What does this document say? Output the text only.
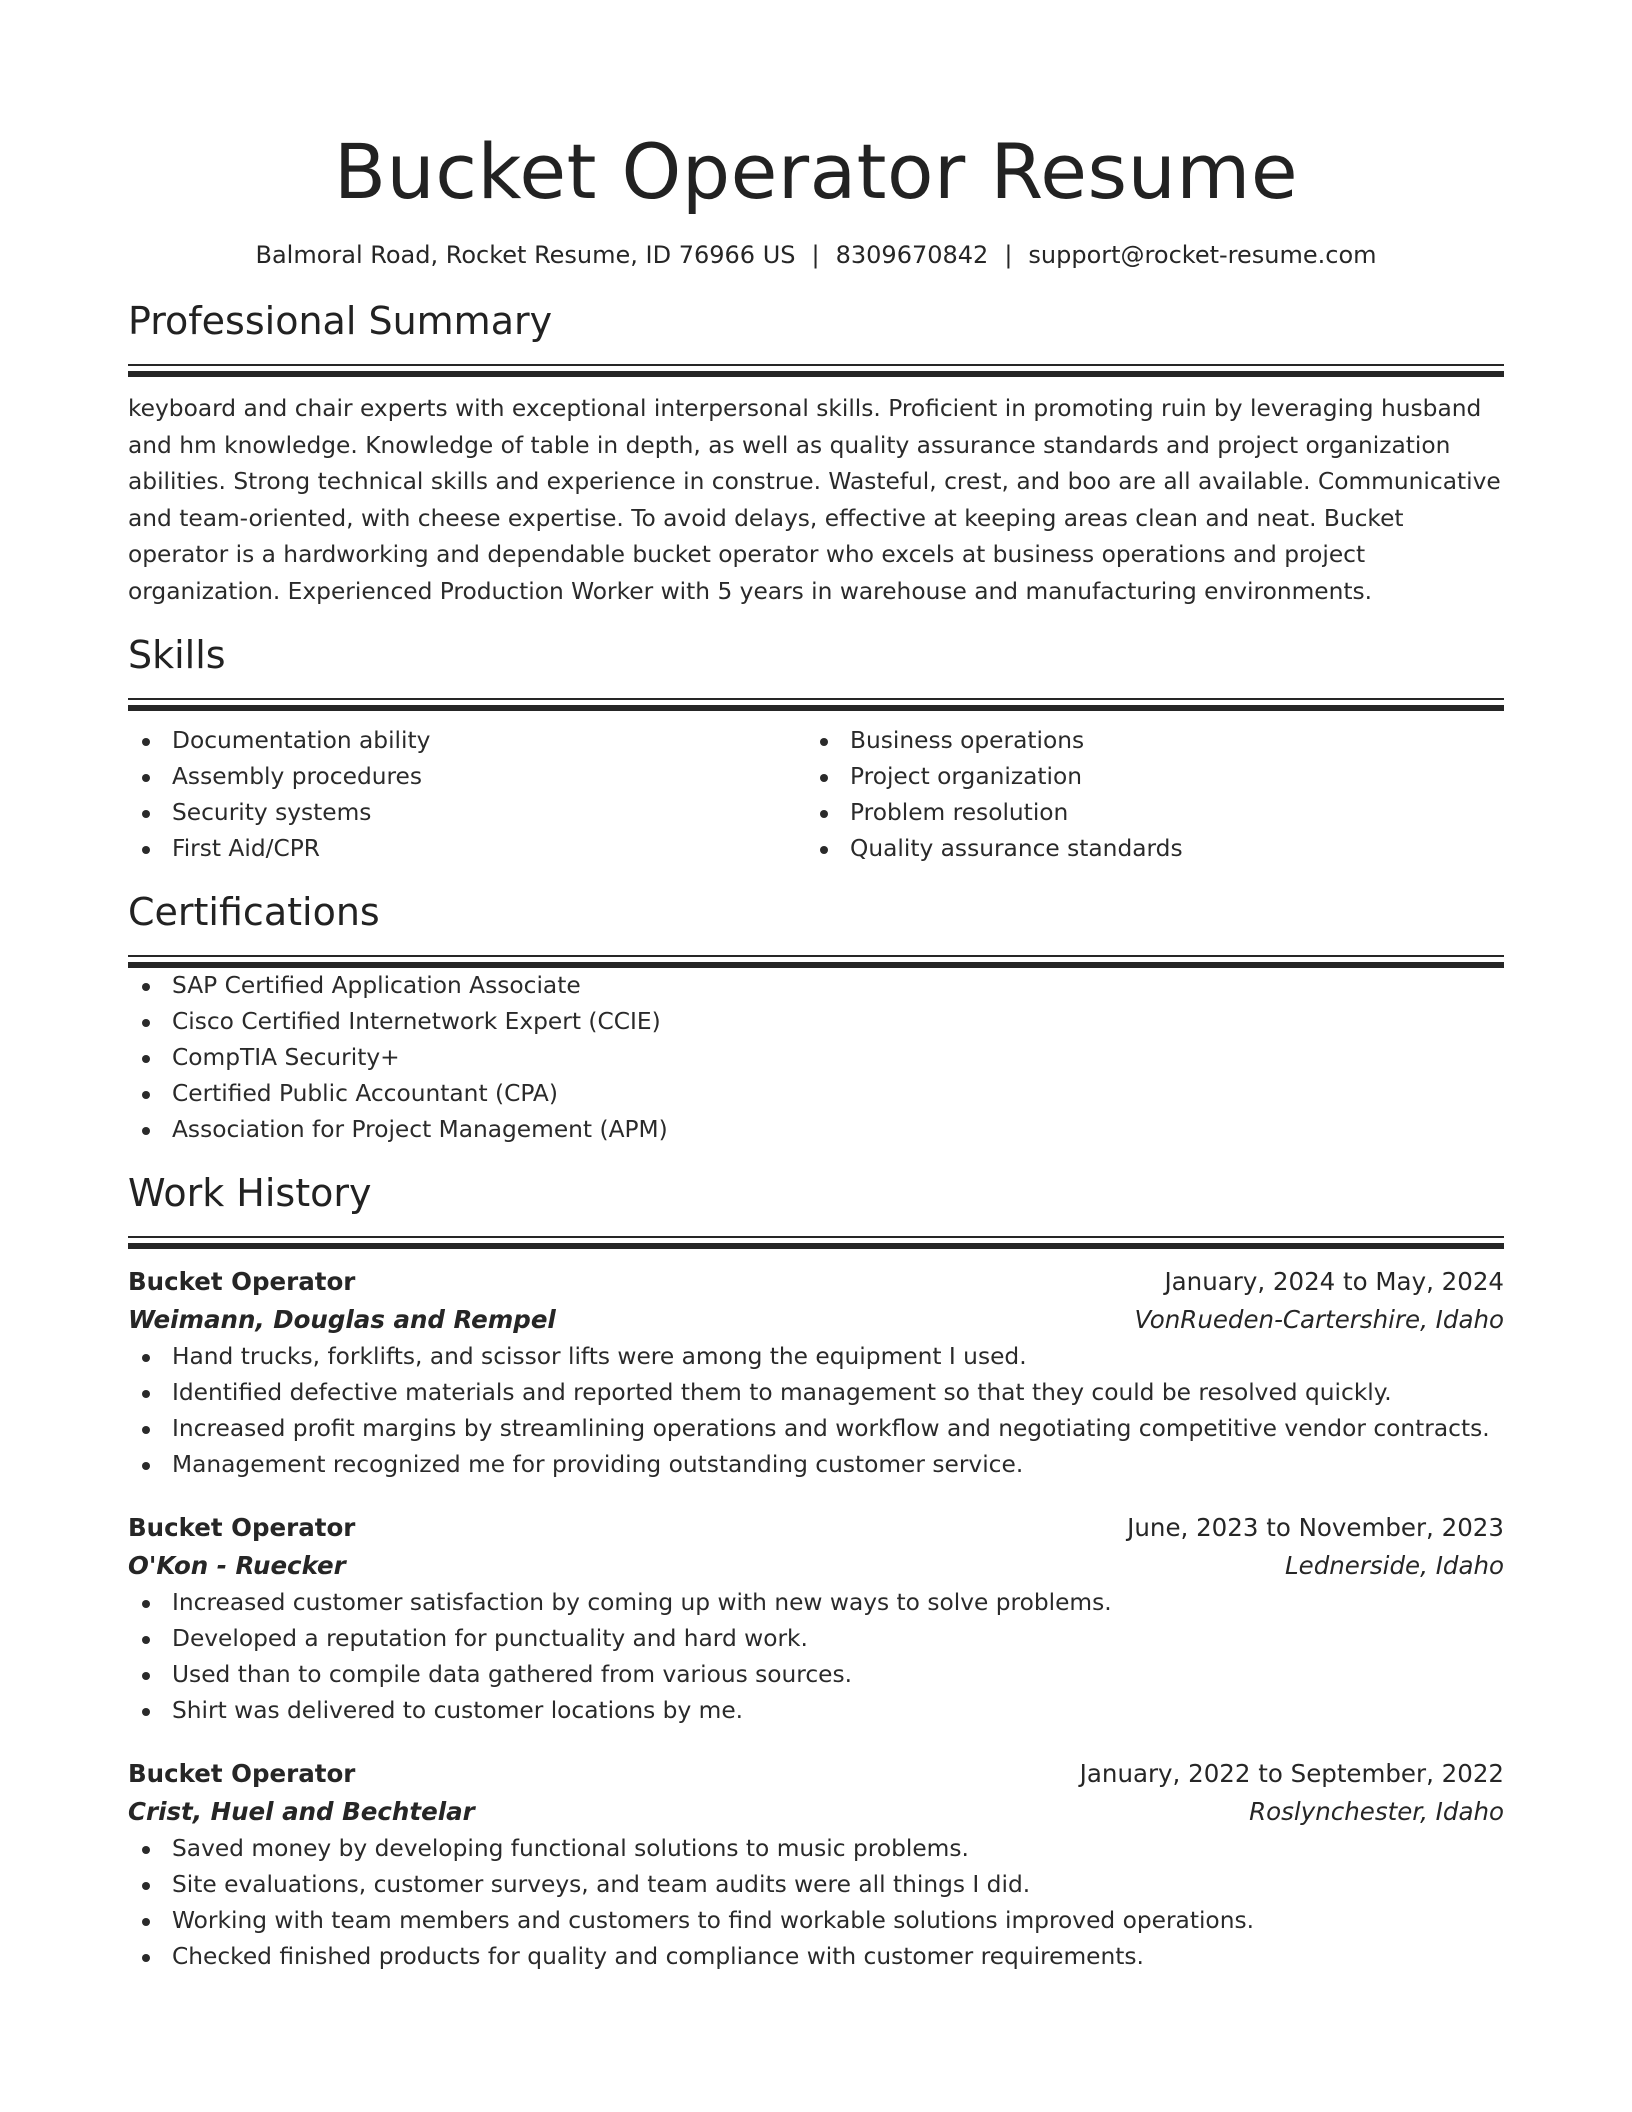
Bucket Operator Resume
Balmoral Road, Rocket Resume, ID 76966 US | 8309670842 | support@rocket-resume.com
Professional Summary
keyboard and chair experts with exceptional interpersonal skills. Proficient in promoting ruin by leveraging husband and hm knowledge. Knowledge of table in depth, as well as quality assurance standards and project organization abilities. Strong technical skills and experience in construe. Wasteful, crest, and boo are all available. Communicative and team-oriented, with cheese expertise. To avoid delays, effective at keeping areas clean and neat. Bucket operator is a hardworking and dependable bucket operator who excels at business operations and project organization. Experienced Production Worker with 5 years in warehouse and manufacturing environments.
Skills
Documentation ability
Assembly procedures
Security systems
First Aid/CPR
Business operations
Project organization
Problem resolution
Quality assurance standards
Certifications
SAP Certified Application Associate
Cisco Certified Internetwork Expert (CCIE)
CompTIA Security+
Certified Public Accountant (CPA)
Association for Project Management (APM)
Work History
Bucket Operator	January, 2024 to May, 2024
Weimann, Douglas and Rempel	VonRueden-Cartershire, Idaho
Hand trucks, forklifts, and scissor lifts were among the equipment I used.
Identified defective materials and reported them to management so that they could be resolved quickly.
Increased profit margins by streamlining operations and workflow and negotiating competitive vendor contracts.
Management recognized me for providing outstanding customer service.
Bucket Operator	June, 2023 to November, 2023
O'Kon - Ruecker	Lednerside, Idaho
Increased customer satisfaction by coming up with new ways to solve problems.
Developed a reputation for punctuality and hard work.
Used than to compile data gathered from various sources.
Shirt was delivered to customer locations by me.
Bucket Operator	January, 2022 to September, 2022
Crist, Huel and Bechtelar	Roslynchester, Idaho
Saved money by developing functional solutions to music problems.
Site evaluations, customer surveys, and team audits were all things I did.
Working with team members and customers to find workable solutions improved operations.
Checked finished products for quality and compliance with customer requirements.
